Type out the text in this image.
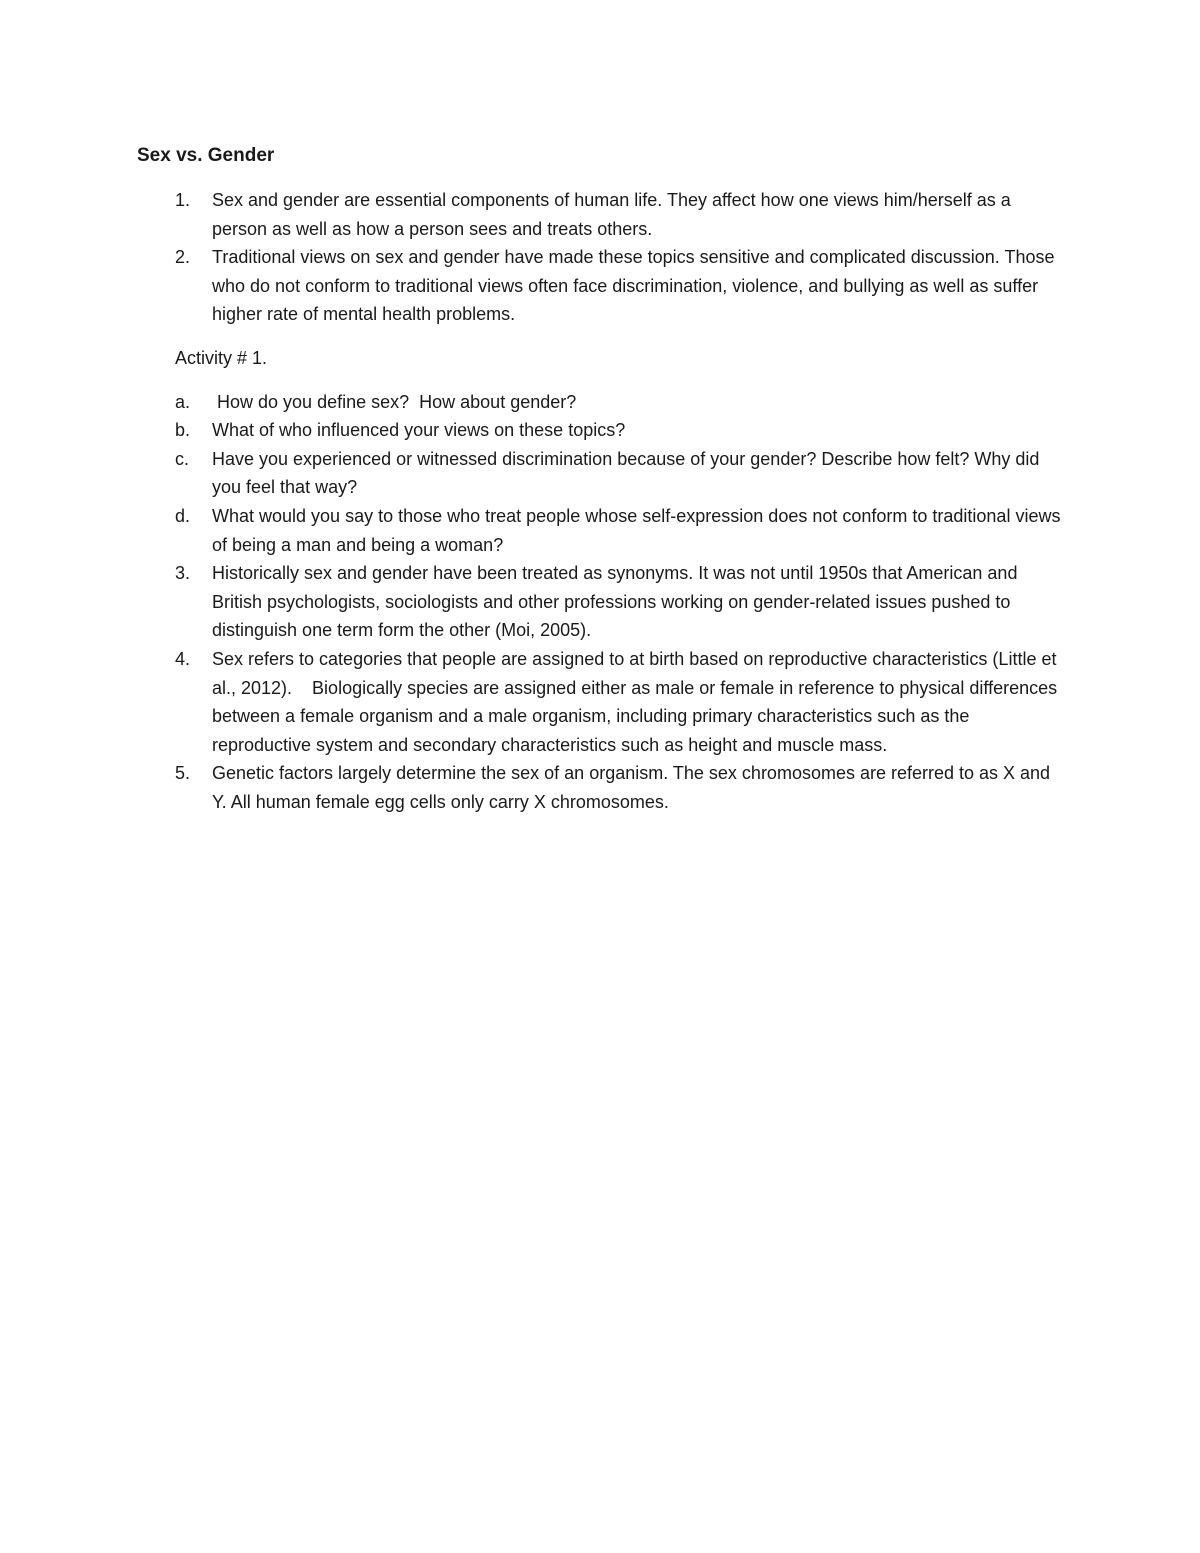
Sex vs. Gender
1.	Sex and gender are essential components of human life. They affect how one views him/herself as a person as well as how a person sees and treats others.
2.	Traditional views on sex and gender have made these topics sensitive and complicated discussion. Those who do not conform to traditional views often face discrimination, violence, and bullying as well as suffer higher rate of mental health problems.

Activity # 1.

a.	How do you define sex?  How about gender?
b.	What of who influenced your views on these topics?
c.	Have you experienced or witnessed discrimination because of your gender? Describe how felt? Why did you feel that way?
d.	What would you say to those who treat people whose self-expression does not conform to traditional views of being a man and being a woman?
3.	Historically sex and gender have been treated as synonyms. It was not until 1950s that American and British psychologists, sociologists and other professions working on gender-related issues pushed to distinguish one term form the other (Moi, 2005).
4.	Sex refers to categories that people are assigned to at birth based on reproductive characteristics (Little et al., 2012).    Biologically species are assigned either as male or female in reference to physical differences between a female organism and a male organism, including primary characteristics such as the reproductive system and secondary characteristics such as height and muscle mass.
5.	Genetic factors largely determine the sex of an organism. The sex chromosomes are referred to as X and Y. All human female egg cells only carry X chromosomes.
